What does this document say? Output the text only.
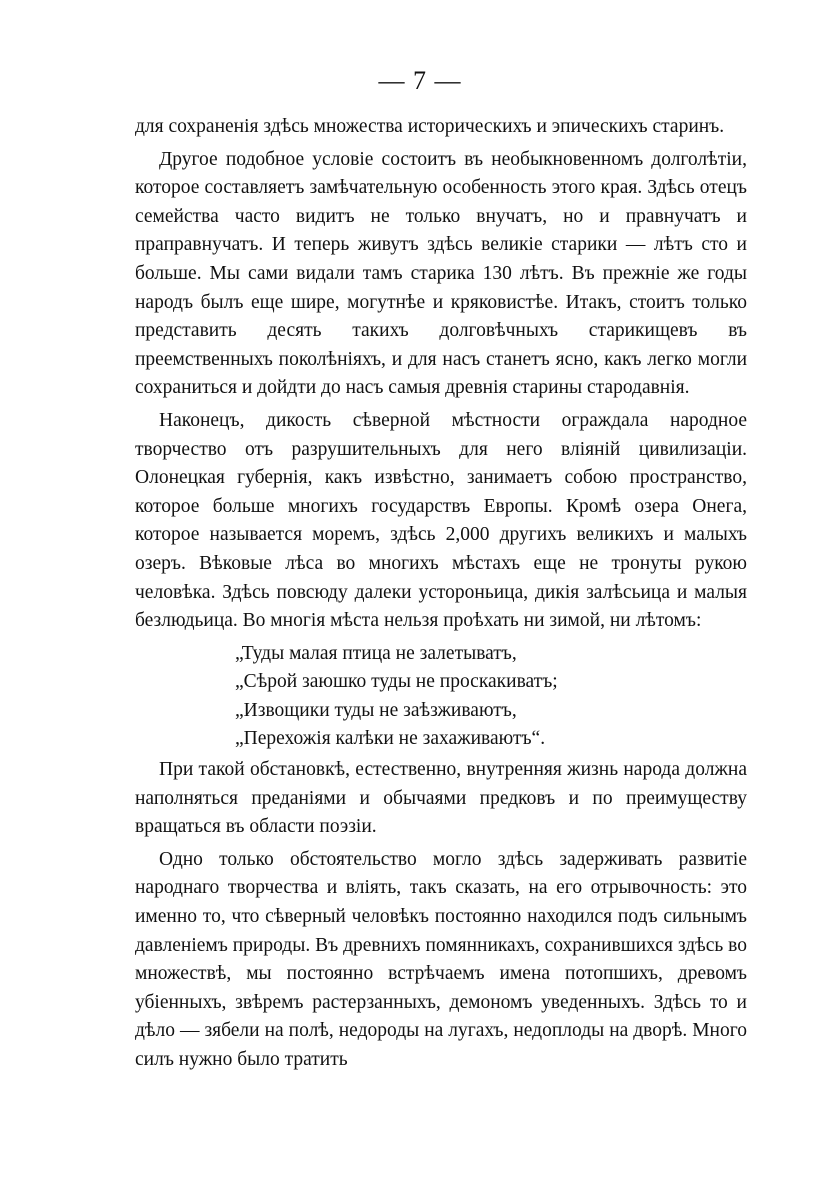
— 7 —

для сохраненія здѣсь множества историческихъ и эпическихъ старинъ.

Другое подобное условіе состоитъ въ необыкновенномъ долголѣтіи, которое составляетъ замѣчательную особенность этого края. Здѣсь отецъ семейства часто видитъ не только внучатъ, но и правнучатъ и праправнучатъ. И теперь живутъ здѣсь великіе старики — лѣтъ сто и больше. Мы сами видали тамъ старика 130 лѣтъ. Въ прежніе же годы народъ былъ еще шире, могутнѣе и кряковистѣе. Итакъ, стоитъ только представить десять такихъ долговѣчныхъ старикищевъ въ преемственныхъ поколѣніяхъ, и для насъ станетъ ясно, какъ легко могли сохраниться и дойдти до насъ самыя древнія старины стародавнія.

Наконецъ, дикость сѣверной мѣстности ограждала народное творчество отъ разрушительныхъ для него вліяній цивилизаціи. Олонецкая губернія, какъ извѣстно, занимаетъ собою пространство, которое больше многихъ государствъ Европы. Кромѣ озера Онега, которое называется моремъ, здѣсь 2,000 другихъ великихъ и малыхъ озеръ. Вѣковые лѣса во многихъ мѣстахъ еще не тронуты рукою человѣка. Здѣсь повсюду далеки устороньица, дикія залѣсьица и малыя безлюдьица. Во многія мѣста нельзя проѣхать ни зимой, ни лѣтомъ:

„Туды малая птица не залетыватъ,
„Сѣрой заюшко туды не проскакиватъ;
„Извощики туды не заѣзживаютъ,
„Перехожія калѣки не захаживаютъ“.

При такой обстановкѣ, естественно, внутренняя жизнь народа должна наполняться преданіями и обычаями предковъ и по преимуществу вращаться въ области поэзіи.

Одно только обстоятельство могло здѣсь задерживать развитіе народнаго творчества и вліять, такъ сказать, на его отрывочность: это именно то, что сѣверный человѣкъ постоянно находился подъ сильнымъ давленіемъ природы. Въ древнихъ помянникахъ, сохранившихся здѣсь во множествѣ, мы постоянно встрѣчаемъ имена потопшихъ, древомъ убіенныхъ, звѣремъ растерзанныхъ, демономъ уведенныхъ. Здѣсь то и дѣло — зябели на полѣ, недороды на лугахъ, недоплоды на дворѣ. Много силъ нужно было тратить
